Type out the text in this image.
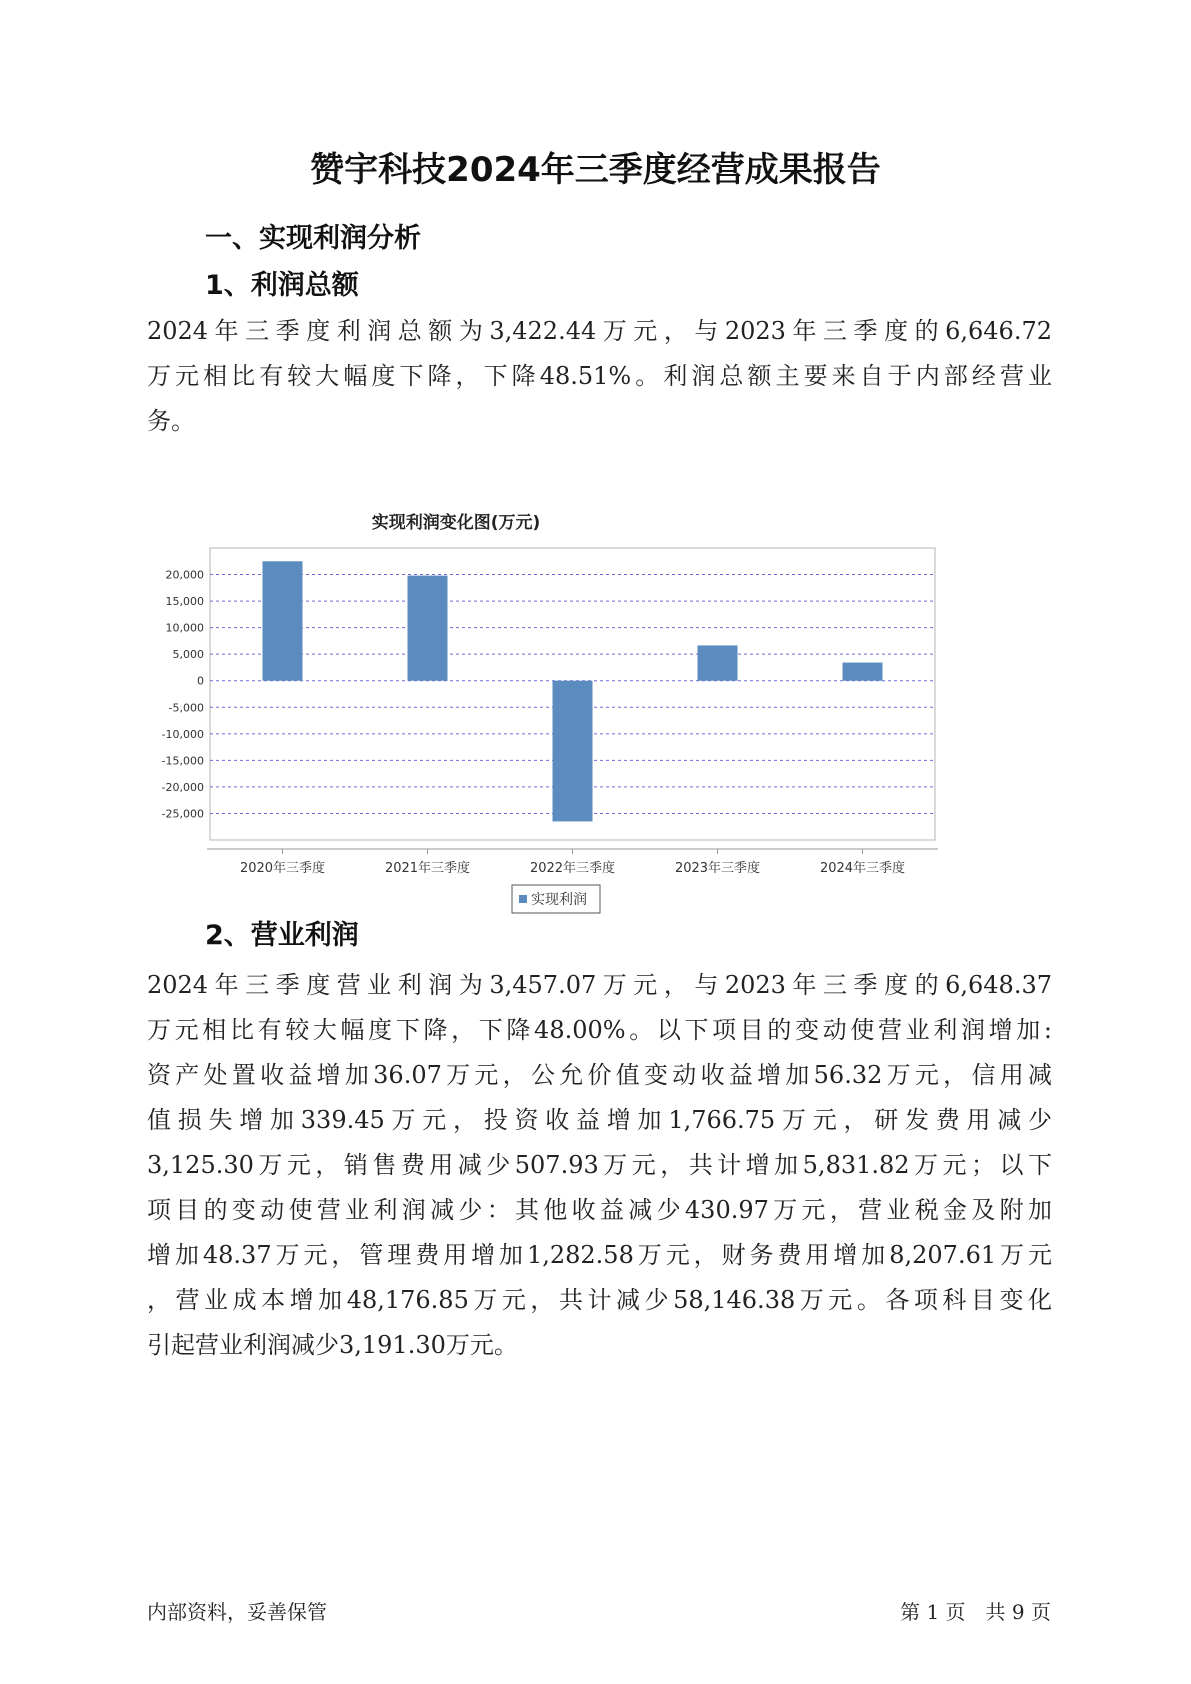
赞宇科技2024年三季度经营成果报告
一、实现利润分析
1、利润总额
2024年三季度利润总额为3,422.44万元，与2023年三季度的6,646.72
万元相比有较大幅度下降，下降48.51%。利润总额主要来自于内部经营业
务。
实现利润变化图(万元)
20,000
15,000
10,000
5,000
0
-5,000
-10,000
-15,000
-20,000
-25,000
2020年三季度	2021年三季度	2022年三季度	2023年三季度	2024年三季度
实现利润
2、营业利润
2024年三季度营业利润为3,457.07万元，与2023年三季度的6,648.37
万元相比有较大幅度下降，下降48.00%。以下项目的变动使营业利润增加:
资产处置收益增加36.07万元，公允价值变动收益增加56.32万元，信用减
值损失增加339.45万元，投资收益增加1,766.75万元，研发费用减少
3,125.30万元，销售费用减少507.93万元，共计增加5,831.82万元；以下
项目的变动使营业利润减少：其他收益减少430.97万元，营业税金及附加
增加48.37万元，管理费用增加1,282.58万元，财务费用增加8,207.61万元
，营业成本增加48,176.85万元，共计减少58,146.38万元。各项科目变化
引起营业利润减少3,191.30万元。
内部资料，妥善保管	第 1 页　共 9 页
